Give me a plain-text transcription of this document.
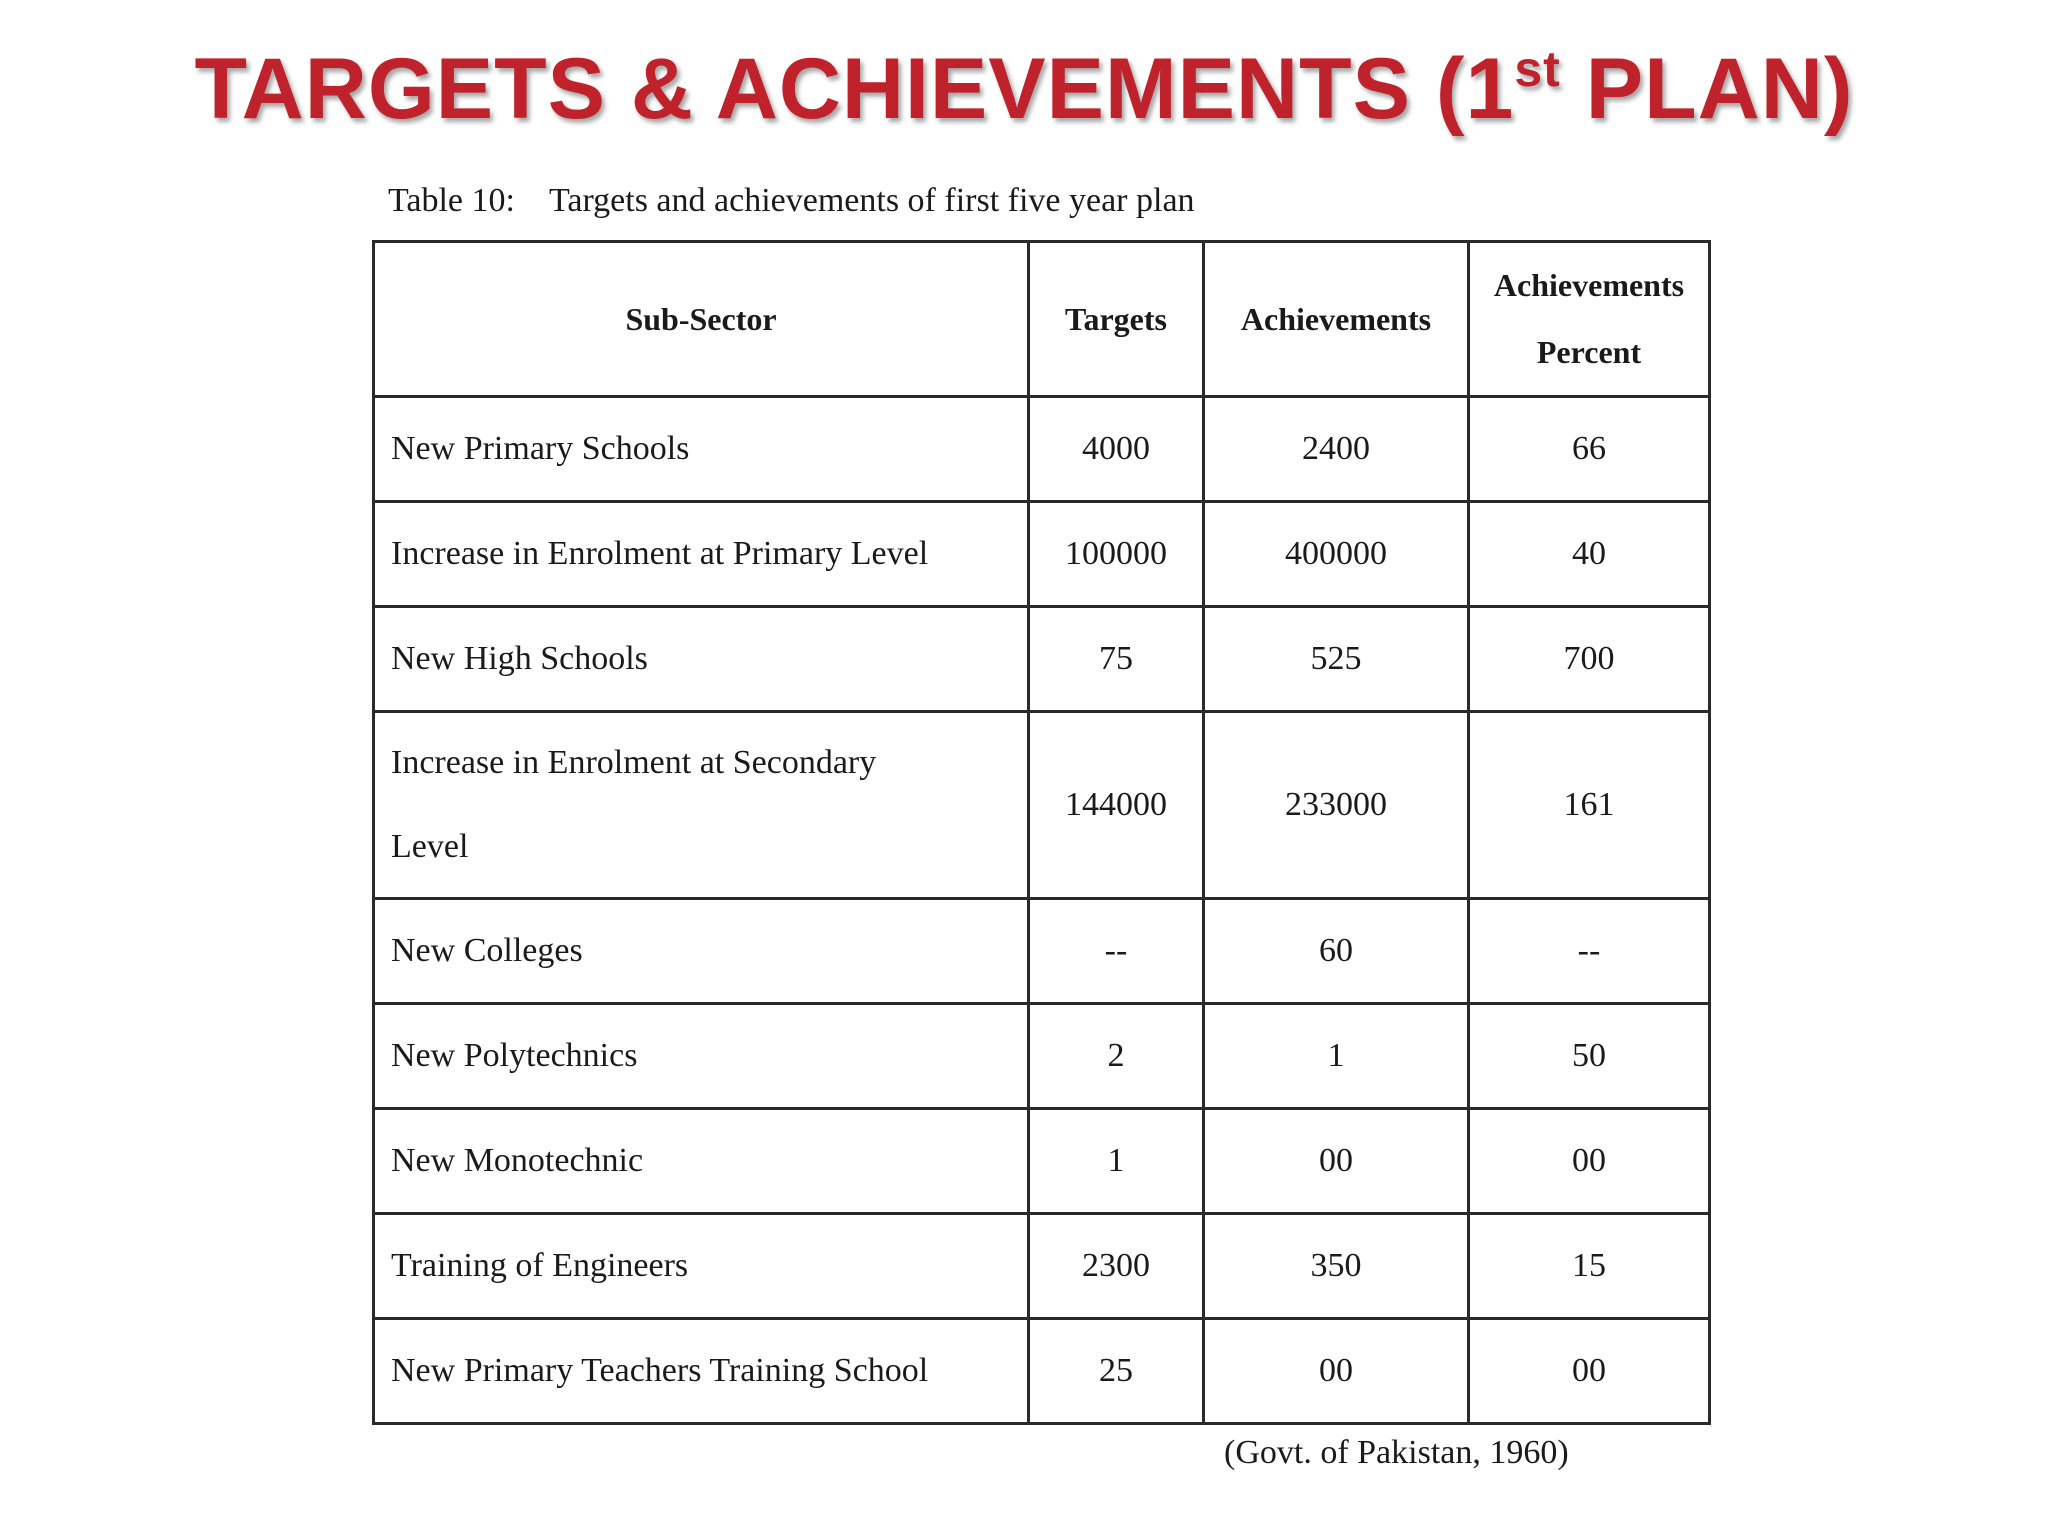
TARGETS & ACHIEVEMENTS (1st PLAN)
Table 10: Targets and achievements of first five year plan
Sub-Sector	Targets	Achievements	Achievements
Percent

New Primary Schools	4000	2400	66
Increase in Enrolment at Primary Level	100000	400000	40
New High Schools	75	525	700

Increase in Enrolment at Secondary
Level	144000	233000	161
New Colleges	--	60	--
New Polytechnics	2	1	50
New Monotechnic	1	00	00
Training of Engineers	2300	350	15
New Primary Teachers Training School	25	00	00
(Govt. of Pakistan, 1960)
